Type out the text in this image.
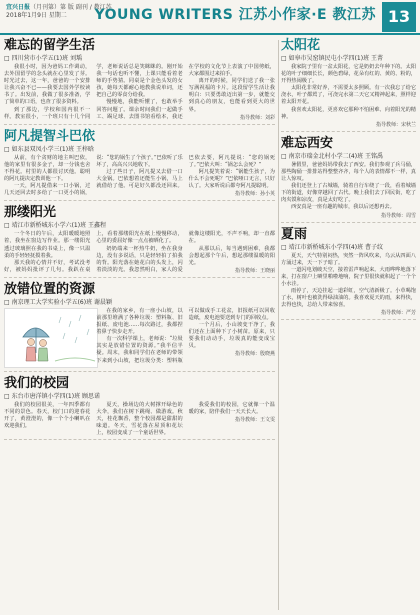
宜兴日报（月刊第）第 版 副刊 / 教江苏
2018年1月9日 星期二	YOUNG WRITERS 江苏小作家·E 教江苏 13
难忘的留学生活
□ 四川营市小学五(1)班 刘瑀

我很小时，因为爸妈工作调动，去外国留学的念头就在心里发了芽。时光过去，这一年，爸爸的一个安排让我兴奋不已——我要去国外学校读书了。出发前，我做了很多准备，学了简单的口语，也查了很多资料。

到了那边，学校和国内很不一样。教室很小，一个班只有十几个同学，老师说话总是笑眯眯的。刚开始我一句话也听不懂，上课只能看着老师的手势猜。同桌是个金色头发的女孩，她每天都耐心地教我说单词，还把自己的零食分给我。

慢慢地，我能听懂了，也敢举手回答问题了。课余时间我们一起做手工、踢足球、去图书馆看绘本，我还在学校的文化节上表演了中国剪纸，大家都围过来拍手。

离开的时候，同学们送了我一张写满祝福的卡片。这段留学生活让我明白：只要勇敢迈出第一步，就能交到真心的朋友，也能看到更大的世界。

指导教师：刘彩
阿凡提智斗巴依
□ 如东县双凤小学三(1)班 王梓晗

从前，有个贪财的地主叫巴依，他的家里有很多金子，却一分钱也舍不得花。村里的人都很讨厌他。聪明的阿凡提决定教训他一下。

一天，阿凡提借来一口小锅，过几天还回去时多给了一口更小的锅，说：“您的锅生了个孩子。”巴依听了乐坏了，高高兴兴地收下。

过了些日子，阿凡提又去借一口大金锅。巴依想着还能生小锅，马上就借给了他。可是好久都没还回来。巴依去要，阿凡提说：“您的锅死了。”巴依大叫：“锅怎么会死？”

阿凡提笑着说：“锅能生孩子，为什么不会死呢？”巴依哑口无言，只好认了。大家听说后都夸阿凡提聪明。

指导教师：孙小英
那缕阳光
□ 靖江市新桥城东小学六(1)班 王鑫程

一个冬日的午后，太阳暖暖地照着，我坐在窗边写作业。那一缕阳光透过玻璃照在我的书桌上，像一只温柔的手轻轻抚摸着我。

那天我的心情并不好，考试没考好，被妈妈批评了几句。我趴在桌上，看着那缕阳光在纸上慢慢移动，心里的委屈好像一点点被晒化了。

奶奶端来一杯热牛奶，坐在我身边，没有多说话，只是轻轻拍了拍我的背。阳光落在她花白的头发上，闪着淡淡的光。我忽然明白，家人的爱就像这缕阳光，不声不响，却一直都在。

从那以后，每当遇到困难，我都会想起那个午后，想起那缕温暖的阳光。

指导教师：王晓丽
放错位置的资源
□ 南京理工大学实验小学五(6)班 谢晨颖

在我的家乡，有一座小山坡，以前那里堆满了各种垃圾：塑料瓶、旧报纸、废电池……每次路过，我都捏着鼻子快步走开。

有一次科学课上，老师说：“垃圾其实是放错位置的资源。”我半信半疑。周末，我和同学们在老师的带领下来到小山坡，把垃圾分类：塑料瓶可以做成手工花盆，旧报纸可以回收造纸，废电池要送到专门的回收点。

一个月后，小山坡变干净了，我们还在上面种下了小树苗。原来，只要我们动动手，垃圾真的能变成宝贝。

指导教师：殷晓燕
我们的校园
□ 东台市唐洋镇小学四(1)班 顾思诺

我们的校园很美，一年四季都有不同的景色。春天，校门口的迎春花开了，黄澄澄的，像一个个小喇叭在欢迎我们。

夏天，操场边的大树撑开绿色的大伞，我们在树下跳绳、做游戏。秋天，桂花飘香，整个校园都是甜甜的味道。冬天，雪花落在屋顶和花坛上，校园变成了一个童话世界。

我爱我们的校园，它就像一个温暖的家，陪伴我们一天天长大。

指导教师：王文雯
太阳花
□ 如皋市吴窑镇民屯小学四(1)班 王菁

我家院子里有一盆太阳花，它是奶奶去年种下的。太阳花的叶子细细长长，颜色碧绿，花朵有红的、黄的、粉的，开得热闹极了。

太阳花非常好养，不需要太多照顾。有一次我忘了给它浇水，叶子都蔫了，可浇完水第二天它又精神起来，照样迎着太阳开花。

我喜欢太阳花，更喜欢它那种不怕困难、向着阳光的精神。

指导教师：宋秋兰
难忘西安
□ 南京市瑞金北村小学二(4)班 王铭禹

暑假里，爸爸妈妈带我去了西安。我们参观了兵马俑，那些陶俑一排排站得整整齐齐，每个人的表情都不一样，真让人惊叹。

我们还登上了古城墙，骑着自行车绕了一段，看着城墙下的街道，好像穿越回了古代。晚上我们去了回民街，吃了肉夹馍和凉皮，真是太好吃了。

西安真是一座有趣的城市，我以后还想再去。

指导教师：周雪
夏雨
□ 靖江市新桥城东小学四(4)班 曹子纹

夏天，天气特别闷热，突然一阵风吹来，乌云从四面八方涌过来，天一下子暗了。

一道闪电划破天空，接着雷声响起来。大雨哗哗地落下来，打在窗户上噼里啪啦地响，院子里很快就积起了一个个小水洼。

雨停了，天边挂起一道彩虹，空气清新极了。小草喝饱了水，树叶也被洗得绿油油的。我喜欢夏天的雨，来得快，去得也快，总给人带来惊喜。

指导教师：严芳
